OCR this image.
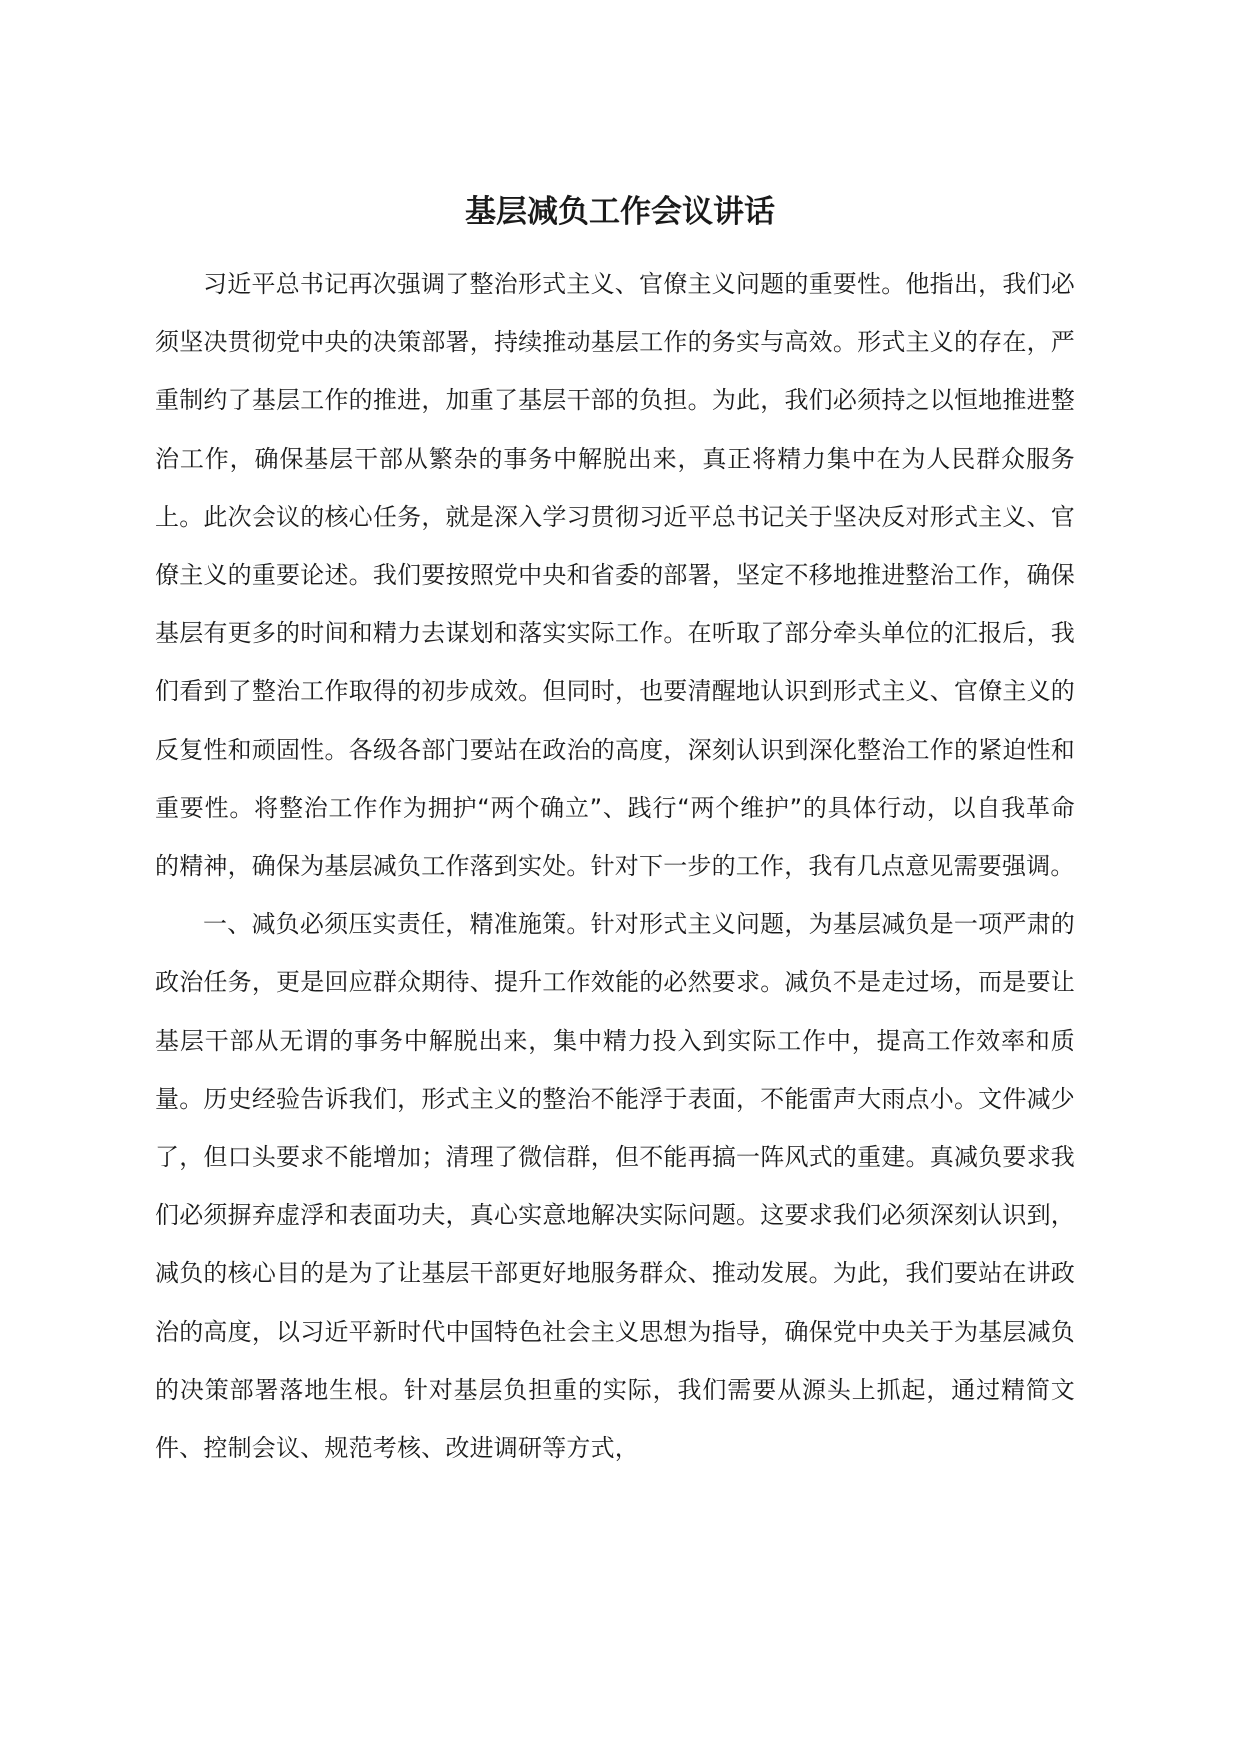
基层减负工作会议讲话

习近平总书记再次强调了整治形式主义、官僚主义问题的重要性。他指出，我们必须坚决贯彻党中央的决策部署，持续推动基层工作的务实与高效。形式主义的存在，严重制约了基层工作的推进，加重了基层干部的负担。为此，我们必须持之以恒地推进整治工作，确保基层干部从繁杂的事务中解脱出来，真正将精力集中在为人民群众服务上。此次会议的核心任务，就是深入学习贯彻习近平总书记关于坚决反对形式主义、官僚主义的重要论述。我们要按照党中央和省委的部署，坚定不移地推进整治工作，确保基层有更多的时间和精力去谋划和落实实际工作。在听取了部分牵头单位的汇报后，我们看到了整治工作取得的初步成效。但同时，也要清醒地认识到形式主义、官僚主义的反复性和顽固性。各级各部门要站在政治的高度，深刻认识到深化整治工作的紧迫性和重要性。将整治工作作为拥护“两个确立”、践行“两个维护”的具体行动，以自我革命的精神，确保为基层减负工作落到实处。针对下一步的工作，我有几点意见需要强调。

一、减负必须压实责任，精准施策。针对形式主义问题，为基层减负是一项严肃的政治任务，更是回应群众期待、提升工作效能的必然要求。减负不是走过场，而是要让基层干部从无谓的事务中解脱出来，集中精力投入到实际工作中，提高工作效率和质量。历史经验告诉我们，形式主义的整治不能浮于表面，不能雷声大雨点小。文件减少了，但口头要求不能增加；清理了微信群，但不能再搞一阵风式的重建。真减负要求我们必须摒弃虚浮和表面功夫，真心实意地解决实际问题。这要求我们必须深刻认识到，减负的核心目的是为了让基层干部更好地服务群众、推动发展。为此，我们要站在讲政治的高度，以习近平新时代中国特色社会主义思想为指导，确保党中央关于为基层减负的决策部署落地生根。针对基层负担重的实际，我们需要从源头上抓起，通过精简文件、控制会议、规范考核、改进调研等方式，
